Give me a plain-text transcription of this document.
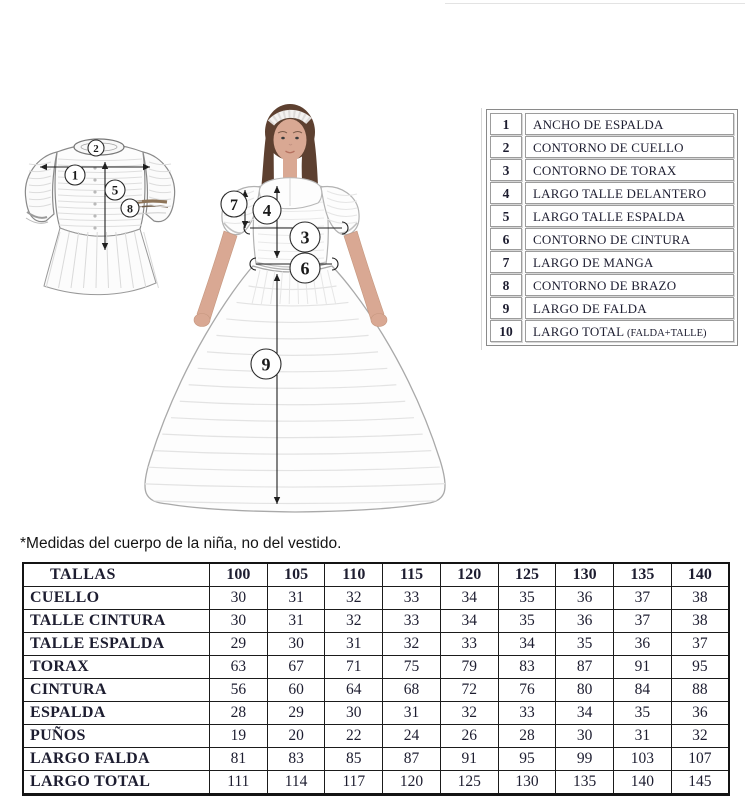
2
1
5
8	7 4
3
6
9
1	ANCHO DE ESPALDA
2	CONTORNO DE CUELLO
3	CONTORNO DE TORAX
4	LARGO TALLE DELANTERO
5	LARGO TALLE ESPALDA
6	CONTORNO DE CINTURA
7	LARGO DE MANGA
8	CONTORNO DE BRAZO
9	LARGO DE FALDA
10	LARGO TOTAL (FALDA+TALLE)
*Medidas del cuerpo de la niña, no del vestido.
TALLAS	100	105	110	115	120	125	130	135	140
CUELLO	30	31	32	33	34	35	36	37	38
TALLE CINTURA	30	31	32	33	34	35	36	37	38
TALLE ESPALDA	29	30	31	32	33	34	35	36	37
TORAX	63	67	71	75	79	83	87	91	95
CINTURA	56	60	64	68	72	76	80	84	88
ESPALDA	28	29	30	31	32	33	34	35	36
PUÑOS	19	20	22	24	26	28	30	31	32
LARGO FALDA	81	83	85	87	91	95	99	103	107
LARGO TOTAL	111	114	117	120	125	130	135	140	145
